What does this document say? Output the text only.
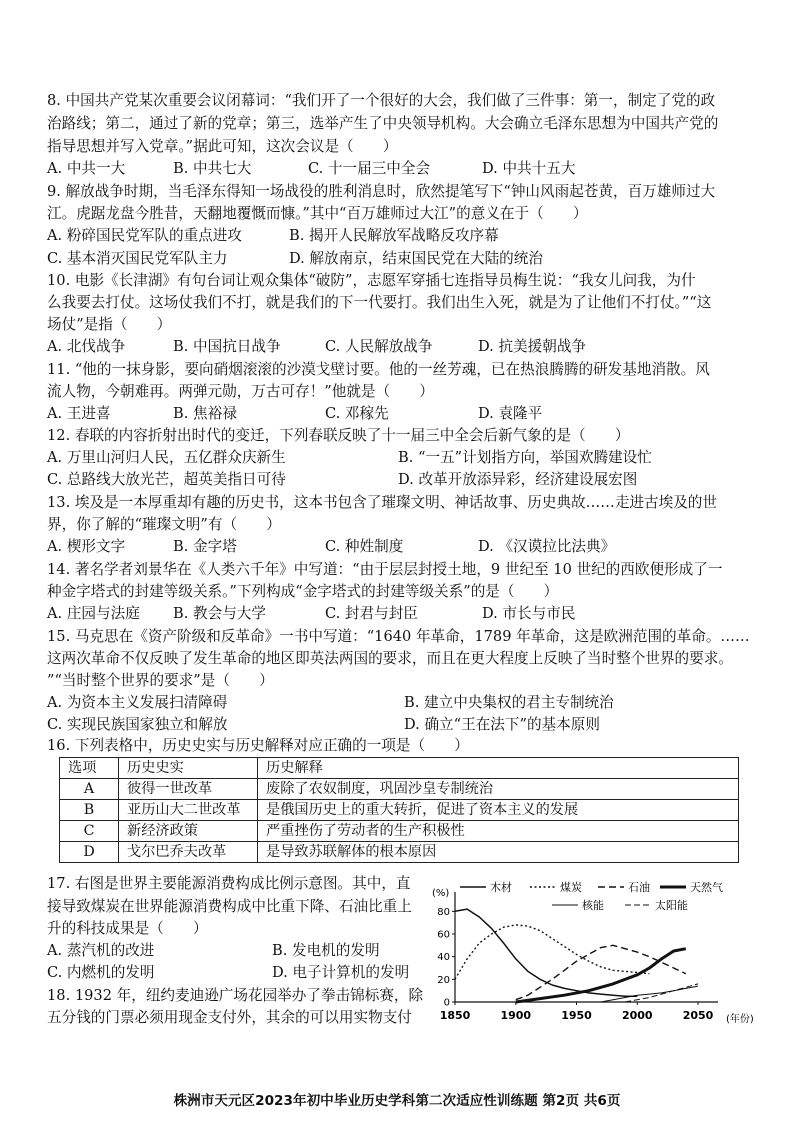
8. 中国共产党某次重要会议闭幕词：“我们开了一个很好的大会，我们做了三件事：第一，制定了党的政
治路线；第二，通过了新的党章；第三，选举产生了中央领导机构。大会确立毛泽东思想为中国共产党的
指导思想并写入党章。”据此可知，这次会议是（　　）
A. 中共一大	B. 中共七大	C. 十一届三中全会	D. 中共十五大
9. 解放战争时期，当毛泽东得知一场战役的胜利消息时，欣然提笔写下“钟山风雨起苍黄，百万雄师过大
江。虎踞龙盘今胜昔，天翻地覆慨而慷。”其中“百万雄师过大江”的意义在于（　　）
A. 粉碎国民党军队的重点进攻	B. 揭开人民解放军战略反攻序幕
C. 基本消灭国民党军队主力	D. 解放南京，结束国民党在大陆的统治
10. 电影《长津湖》有句台词让观众集体“破防”，志愿军穿插七连指导员梅生说：“我女儿问我，为什
么我要去打仗。这场仗我们不打，就是我们的下一代要打。我们出生入死，就是为了让他们不打仗。”“这
场仗”是指（　　）
A. 北伐战争	B. 中国抗日战争	C. 人民解放战争	D. 抗美援朝战争
11. “他的一抹身影，要向硝烟滚滚的沙漠戈壁讨要。他的一丝芳魂，已在热浪腾腾的研发基地消散。风
流人物，今朝难再。两弹元勋，万古可存！”他就是（　　）
A. 王进喜	B. 焦裕禄	C. 邓稼先	D. 袁隆平
12. 春联的内容折射出时代的变迁，下列春联反映了十一届三中全会后新气象的是（　　）
A. 万里山河归人民，五亿群众庆新生	B. “一五”计划指方向，举国欢腾建设忙
C. 总路线大放光芒，超英美指日可待	D. 改革开放添异彩，经济建设展宏图
13. 埃及是一本厚重却有趣的历史书，这本书包含了璀璨文明、神话故事、历史典故……走进古埃及的世
界，你了解的“璀璨文明”有（　　）
A. 楔形文字	B. 金字塔	C. 种姓制度	D. 《汉谟拉比法典》
14. 著名学者刘景华在《人类六千年》中写道：“由于层层封授土地，9 世纪至 10 世纪的西欧便形成了一
种金字塔式的封建等级关系。”下列构成“金字塔式的封建等级关系”的是（　　）
A. 庄园与法庭 B. 教会与大学	C. 封君与封臣	D. 市长与市民
15. 马克思在《资产阶级和反革命》一书中写道：“1640 年革命，1789 年革命，这是欧洲范围的革命。……
这两次革命不仅反映了发生革命的地区即英法两国的要求，而且在更大程度上反映了当时整个世界的要求。
”“当时整个世界的要求”是（　　）
A. 为资本主义发展扫清障碍	B. 建立中央集权的君主专制统治
C. 实现民族国家独立和解放	D. 确立“王在法下”的基本原则
16. 下列表格中，历史史实与历史解释对应正确的一项是（　　）
选项	历史史实	历史解释
A	彼得一世改革	废除了农奴制度，巩固沙皇专制统治
B	亚历山大二世改革	是俄国历史上的重大转折，促进了资本主义的发展
C	新经济政策	严重挫伤了劳动者的生产积极性
D	戈尔巴乔夫改革	是导致苏联解体的根本原因
17. 右图是世界主要能源消费构成比例示意图。其中，直
接导致煤炭在世界能源消费构成中比重下降、石油比重上
升的科技成果是（　　）
A. 蒸汽机的改进	B. 发电机的发明
C. 内燃机的发明	D. 电子计算机的发明
18. 1932 年，纽约麦迪逊广场花园举办了拳击锦标赛，除
五分钱的门票必须用现金支付外，其余的可以用实物支付
(%)
(年份)
0
20
40
60
80
1850	1900	1950	2000	2050
木材	煤炭	石油	天然气
核能	太阳能
株洲市天元区2023年初中毕业历史学科第二次适应性训练题 第2页 共6页
